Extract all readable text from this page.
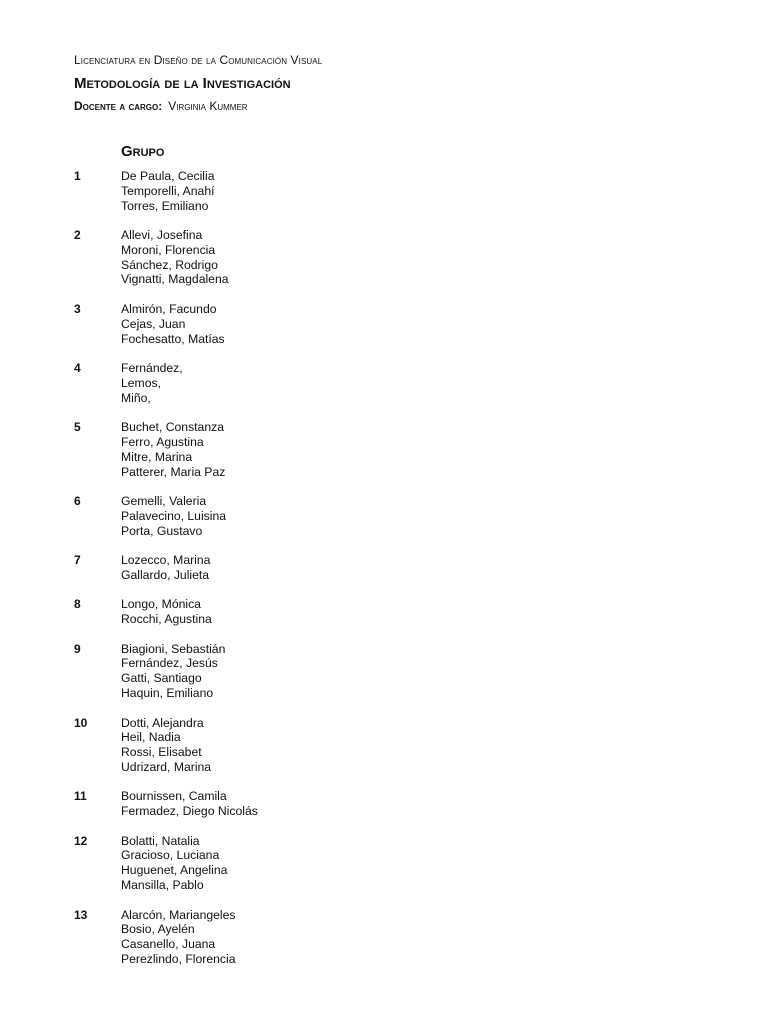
Licenciatura en Diseño de la Comunicación Visual
Metodología de la Investigación
Docente a cargo: Virginia Kummer
Grupo
1	De Paula, Cecilia
Temporelli, Anahí
Torres, Emiliano
2	Allevi, Josefina
Moroni, Florencia
Sánchez, Rodrigo
Vignatti, Magdalena
3	Almirón, Facundo
Cejas, Juan
Fochesatto, Matías
4	Fernández,
Lemos,
Miño,
5	Buchet, Constanza
Ferro, Agustina
Mitre, Marina
Patterer, Maria Paz
6	Gemelli, Valeria
Palavecino, Luisina
Porta, Gustavo
7	Lozecco, Marina
Gallardo, Julieta
8	Longo, Mónica
Rocchi, Agustina
9	Biagioni, Sebastián
Fernández, Jesús
Gatti, Santiago
Haquin, Emiliano
10	Dotti, Alejandra
Heil, Nadia
Rossi, Elisabet
Udrizard, Marina
11	Bournissen, Camila
Fermadez, Diego Nicolás
12	Bolatti, Natalia
Gracioso, Luciana
Huguenet, Angelina
Mansilla, Pablo
13	Alarcón, Mariangeles
Bosio, Ayelén
Casanello, Juana
Perezlindo, Florencia
